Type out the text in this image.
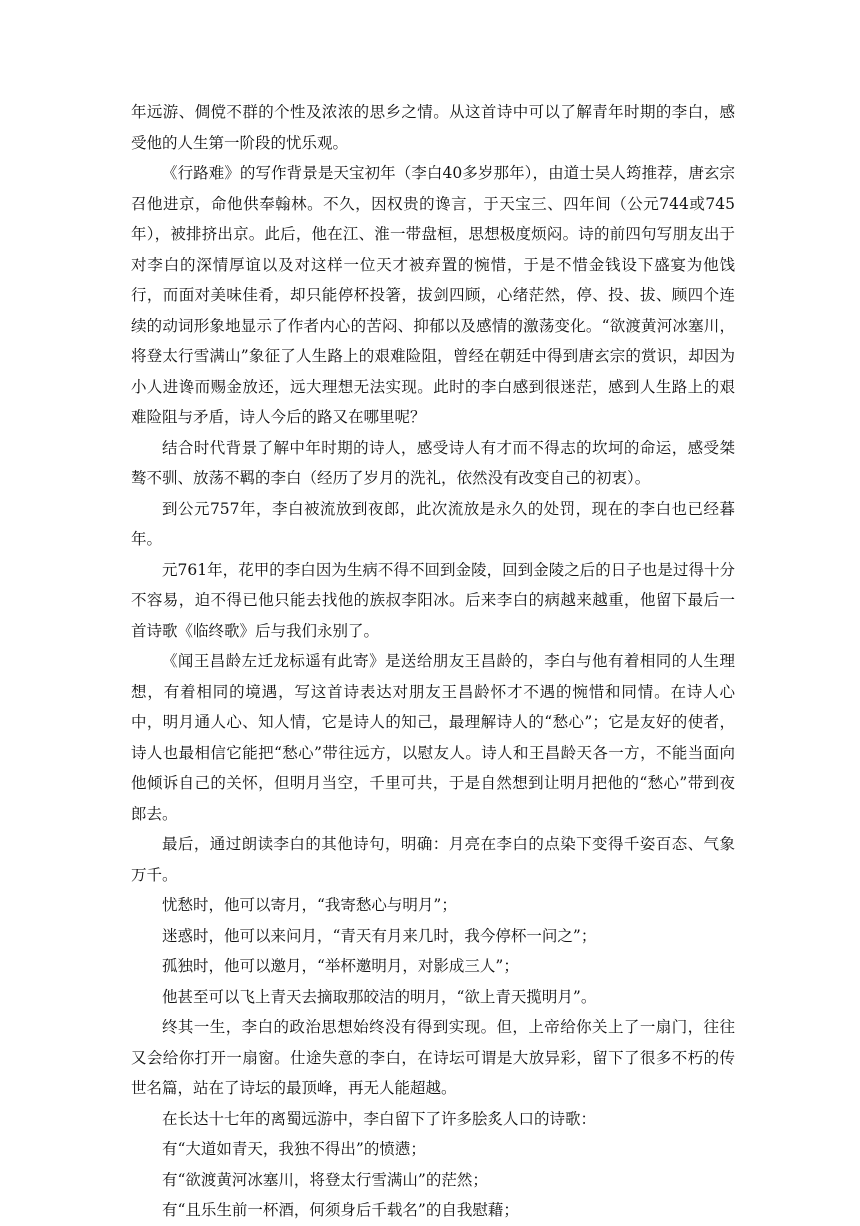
年远游、倜傥不群的个性及浓浓的思乡之情。从这首诗中可以了解青年时期的李白，感受他的人生第一阶段的忧乐观。

《行路难》的写作背景是天宝初年（李白40多岁那年），由道士吴人筠推荐，唐玄宗召他进京，命他供奉翰林。不久，因权贵的谗言，于天宝三、四年间（公元744或745年），被排挤出京。此后，他在江、淮一带盘桓，思想极度烦闷。诗的前四句写朋友出于对李白的深情厚谊以及对这样一位天才被弃置的惋惜，于是不惜金钱设下盛宴为他饯行，而面对美味佳肴，却只能停杯投箸，拔剑四顾，心绪茫然，停、投、拔、顾四个连续的动词形象地显示了作者内心的苦闷、抑郁以及感情的激荡变化。“欲渡黄河冰塞川，将登太行雪满山”象征了人生路上的艰难险阻，曾经在朝廷中得到唐玄宗的赏识，却因为小人进谗而赐金放还，远大理想无法实现。此时的李白感到很迷茫，感到人生路上的艰难险阻与矛盾，诗人今后的路又在哪里呢？

结合时代背景了解中年时期的诗人，感受诗人有才而不得志的坎坷的命运，感受桀骜不驯、放荡不羁的李白（经历了岁月的洗礼，依然没有改变自己的初衷）。

到公元757年，李白被流放到夜郎，此次流放是永久的处罚，现在的李白也已经暮年。

元761年，花甲的李白因为生病不得不回到金陵，回到金陵之后的日子也是过得十分不容易，迫不得已他只能去找他的族叔李阳冰。后来李白的病越来越重，他留下最后一首诗歌《临终歌》后与我们永别了。

《闻王昌龄左迁龙标遥有此寄》是送给朋友王昌龄的，李白与他有着相同的人生理想，有着相同的境遇，写这首诗表达对朋友王昌龄怀才不遇的惋惜和同情。在诗人心中，明月通人心、知人情，它是诗人的知己，最理解诗人的“愁心”；它是友好的使者，诗人也最相信它能把“愁心”带往远方，以慰友人。诗人和王昌龄天各一方，不能当面向他倾诉自己的关怀，但明月当空，千里可共，于是自然想到让明月把他的“愁心”带到夜郎去。

最后，通过朗读李白的其他诗句，明确：月亮在李白的点染下变得千姿百态、气象万千。

忧愁时，他可以寄月，“我寄愁心与明月”；

迷惑时，他可以来问月，“青天有月来几时，我今停杯一问之”；

孤独时，他可以邀月，“举杯邀明月，对影成三人”；

他甚至可以飞上青天去摘取那皎洁的明月，“欲上青天揽明月”。

终其一生，李白的政治思想始终没有得到实现。但，上帝给你关上了一扇门，往往又会给你打开一扇窗。仕途失意的李白，在诗坛可谓是大放异彩，留下了很多不朽的传世名篇，站在了诗坛的最顶峰，再无人能超越。

在长达十七年的离蜀远游中，李白留下了许多脍炙人口的诗歌：

有“大道如青天，我独不得出”的愤懑；

有“欲渡黄河冰塞川，将登太行雪满山”的茫然；

有“且乐生前一杯酒，何须身后千载名”的自我慰藉；
